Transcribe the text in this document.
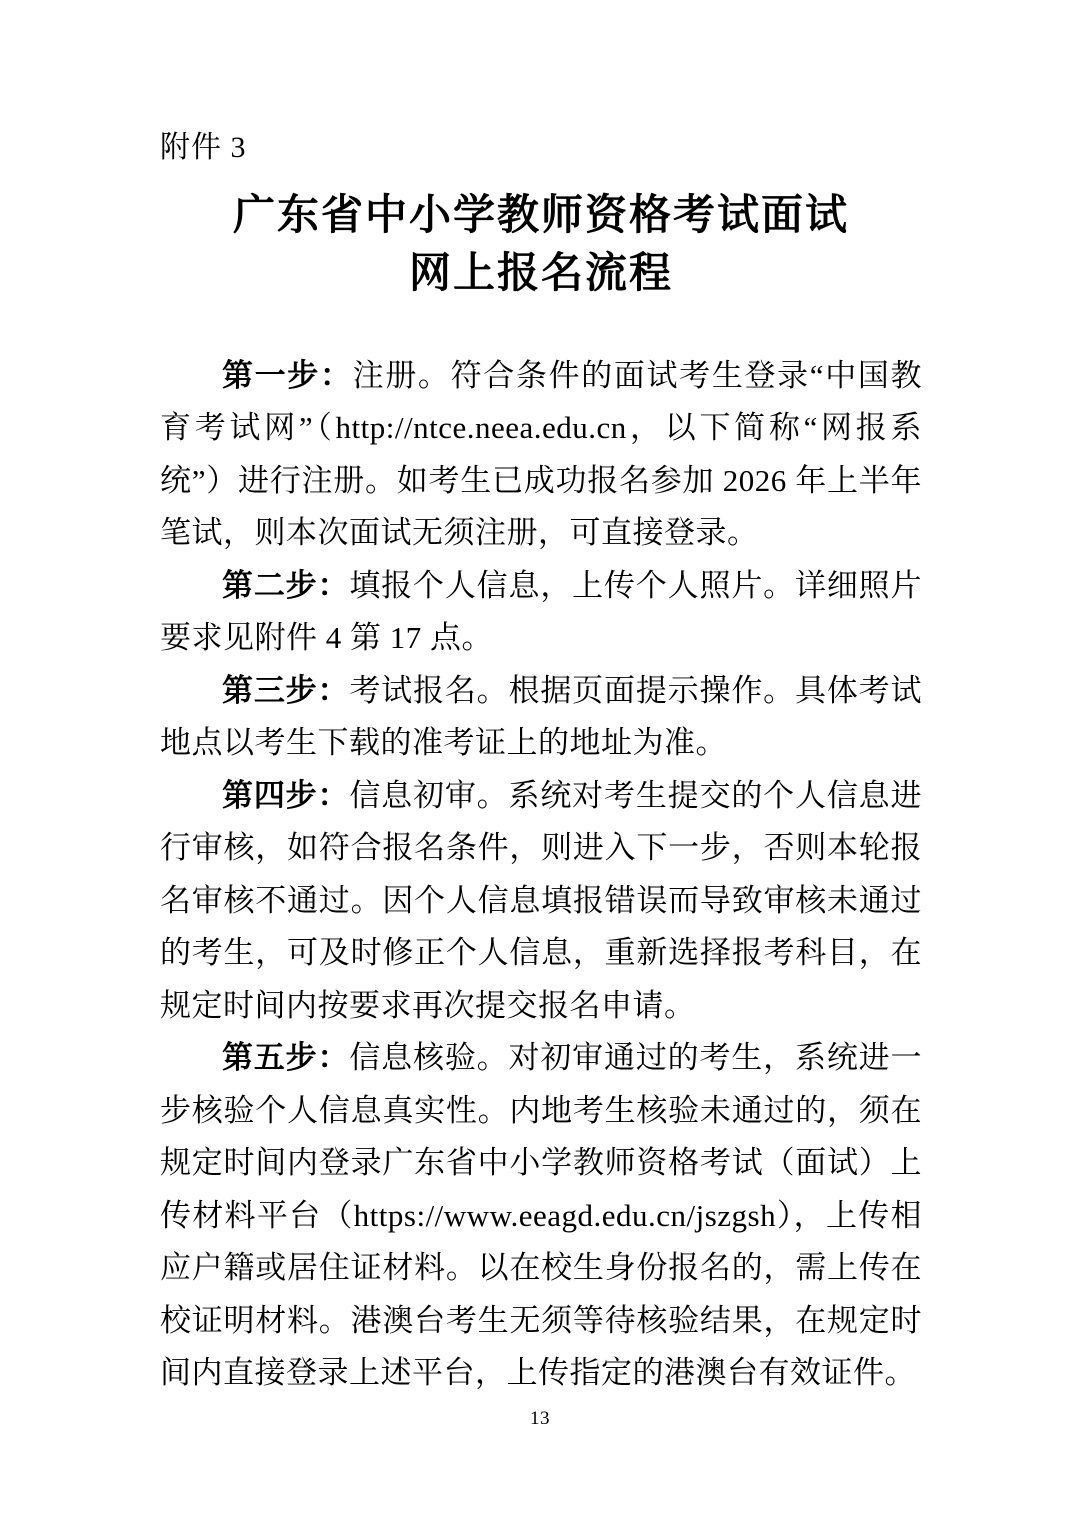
附件 3

广东省中小学教师资格考试面试
网上报名流程

第一步：注册。符合条件的面试考生登录“中国教育考试网”（http://ntce.neea.edu.cn，以下简称“网报系统”）进行注册。如考生已成功报名参加 2026 年上半年笔试，则本次面试无须注册，可直接登录。

第二步：填报个人信息，上传个人照片。详细照片要求见附件 4 第 17 点。

第三步：考试报名。根据页面提示操作。具体考试地点以考生下载的准考证上的地址为准。

第四步：信息初审。系统对考生提交的个人信息进行审核，如符合报名条件，则进入下一步，否则本轮报名审核不通过。因个人信息填报错误而导致审核未通过的考生，可及时修正个人信息，重新选择报考科目，在规定时间内按要求再次提交报名申请。

第五步：信息核验。对初审通过的考生，系统进一步核验个人信息真实性。内地考生核验未通过的，须在规定时间内登录广东省中小学教师资格考试（面试）上传材料平台（https://www.eeagd.edu.cn/jszgsh），上传相应户籍或居住证材料。以在校生身份报名的，需上传在校证明材料。港澳台考生无须等待核验结果，在规定时间内直接登录上述平台，上传指定的港澳台有效证件。

13
